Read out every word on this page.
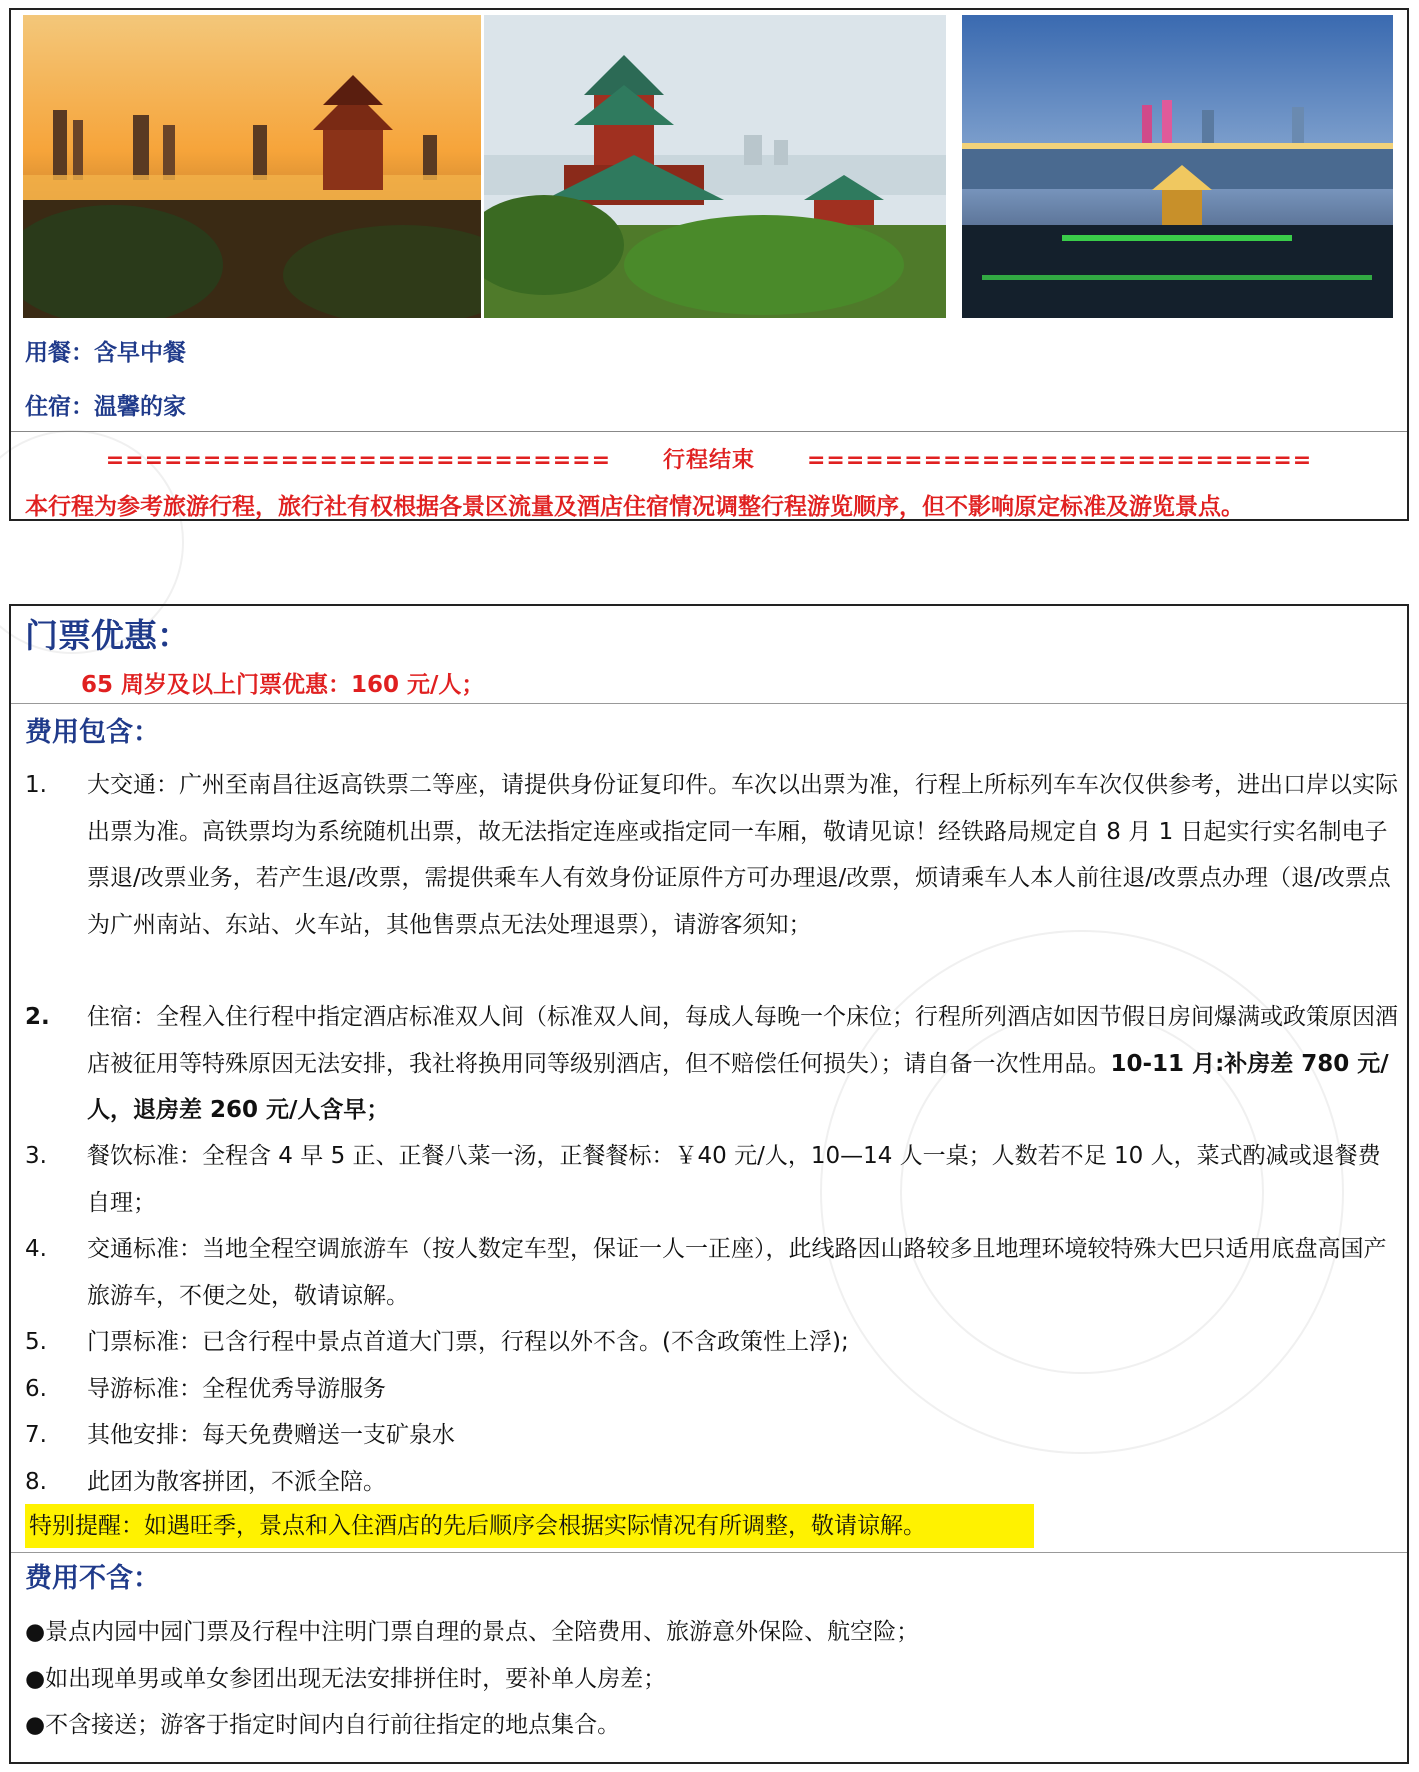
用餐：含早中餐
住宿：温馨的家
========================== 行程结束 ==========================
本行程为参考旅游行程，旅行社有权根据各景区流量及酒店住宿情况调整行程游览顺序，但不影响原定标准及游览景点。
门票优惠：
65 周岁及以上门票优惠：160 元/人；
费用包含：
1. 大交通：广州至南昌往返高铁票二等座，请提供身份证复印件。车次以出票为准，行程上所标列车车次仅供参考，进出口岸以实际出票为准。高铁票均为系统随机出票，故无法指定连座或指定同一车厢，敬请见谅！经铁路局规定自 8 月 1 日起实行实名制电子票退/改票业务，若产生退/改票，需提供乘车人有效身份证原件方可办理退/改票，烦请乘车人本人前往退/改票点办理（退/改票点为广州南站、东站、火车站，其他售票点无法处理退票），请游客须知；
2. 住宿：全程入住行程中指定酒店标准双人间（标准双人间，每成人每晚一个床位；行程所列酒店如因节假日房间爆满或政策原因酒店被征用等特殊原因无法安排，我社将换用同等级别酒店，但不赔偿任何损失）；请自备一次性用品。10-11 月:补房差 780 元/人，退房差 260 元/人含早；
3. 餐饮标准：全程含 4 早 5 正、正餐八菜一汤，正餐餐标：￥40 元/人，10—14 人一桌；人数若不足 10 人，菜式酌减或退餐费自理；
4. 交通标准：当地全程空调旅游车（按人数定车型，保证一人一正座），此线路因山路较多且地理环境较特殊大巴只适用底盘高国产旅游车，不便之处，敬请谅解。
5. 门票标准：已含行程中景点首道大门票，行程以外不含。(不含政策性上浮);
6. 导游标准：全程优秀导游服务
7. 其他安排：每天免费赠送一支矿泉水
8. 此团为散客拼团，不派全陪。
特别提醒：如遇旺季，景点和入住酒店的先后顺序会根据实际情况有所调整，敬请谅解。
费用不含：
●景点内园中园门票及行程中注明门票自理的景点、全陪费用、旅游意外保险、航空险；
●如出现单男或单女参团出现无法安排拼住时，要补单人房差；
●不含接送；游客于指定时间内自行前往指定的地点集合。
